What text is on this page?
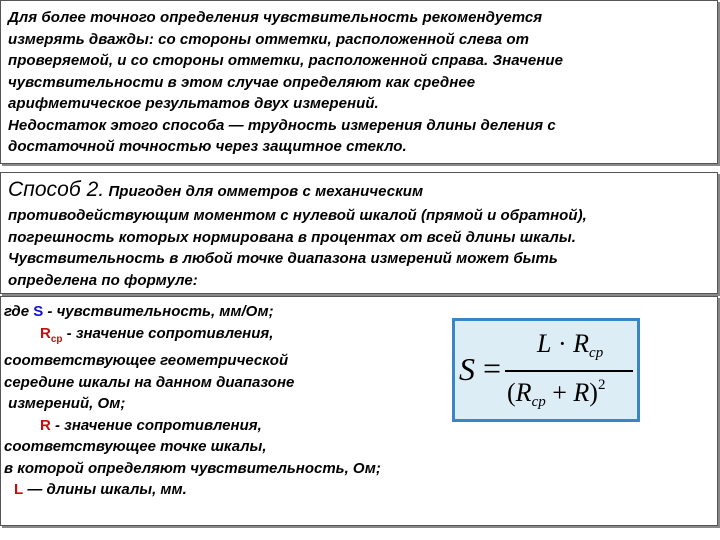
Для более точного определения чувствительность рекомендуется

измерять дважды: со стороны отметки, расположенной слева от

проверяемой, и со стороны отметки, расположенной справа. Значение

чувствительности в этом случае определяют как среднее

арифметическое результатов двух измерений.

Недостаток этого способа — трудность измерения длины деления с

достаточной точностью через защитное стекло.

Способ 2. Пригоден для омметров с механическим

противодействующим моментом с нулевой шкалой (прямой и обратной),

погрешность которых нормирована в процентах от всей длины шкалы.

Чувствительность в любой точке диапазона измерений может быть

определена по формуле:

где S - чувствительность, мм/Ом;
$R_{ср}$ - значение сопротивления,
соответствующее геометрической
середине шкалы на данном диапазоне
измерений, Ом;
R - значение сопротивления,
соответствующее точке шкалы,
в которой определяют чувствительность, Ом;
L — длины шкалы, мм.
S =
$L \cdot R_{ср}$
$(R_{ср} + R)^2$
